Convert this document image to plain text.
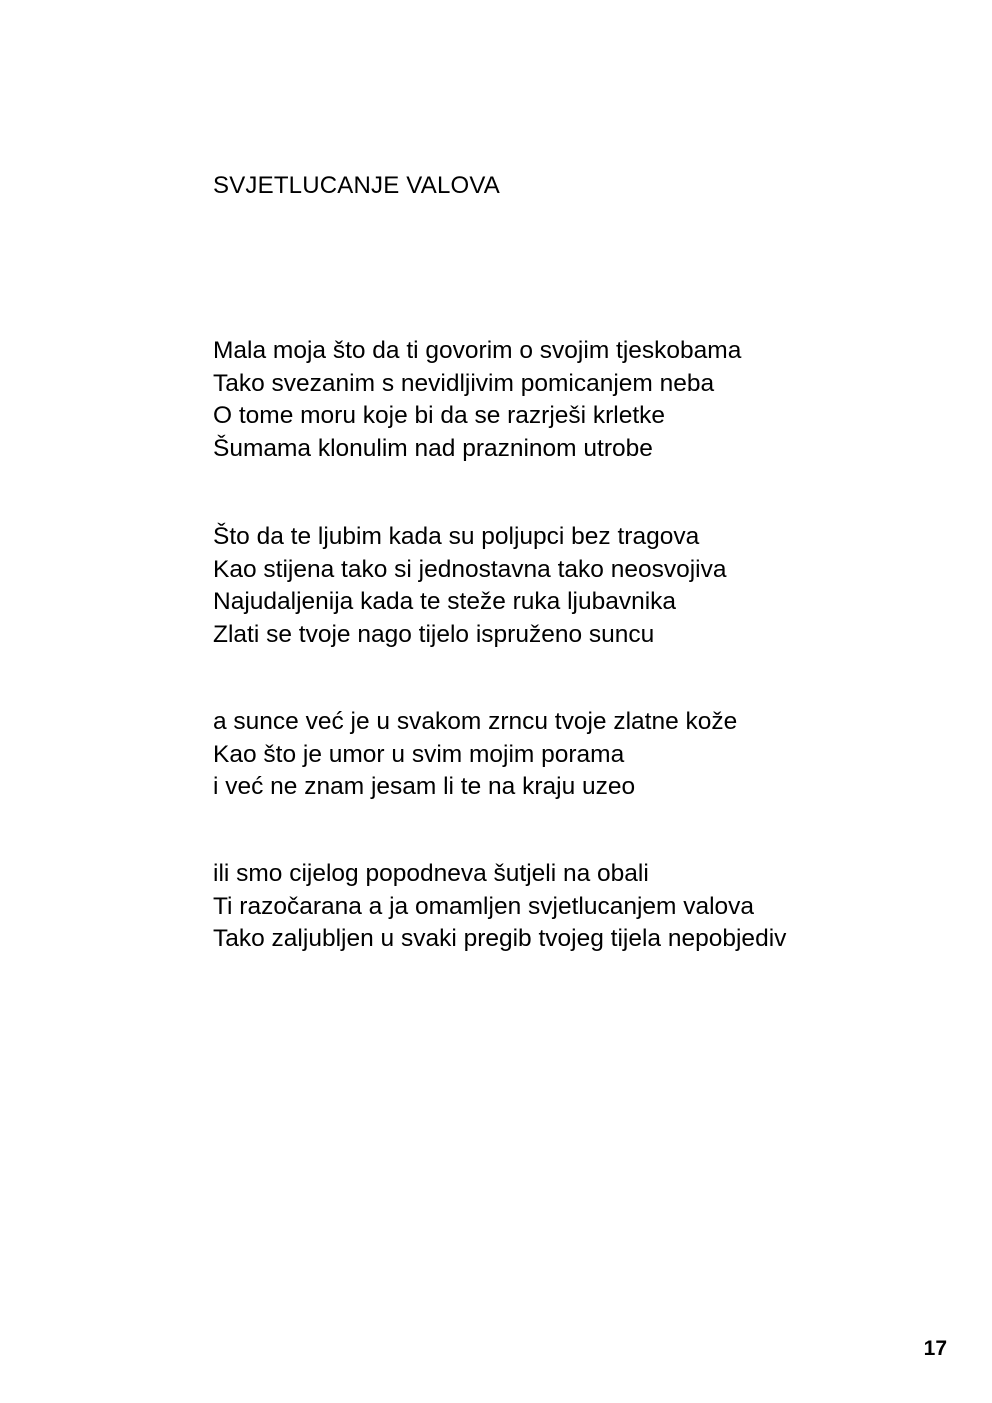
SVJETLUCANJE VALOVA
Mala moja što da ti govorim o svojim tjeskobama
Tako svezanim s nevidljivim pomicanjem neba
O tome moru koje bi da se razrješi krletke
Šumama klonulim nad prazninom utrobe
Što da te ljubim kada su poljupci bez tragova
Kao stijena tako si jednostavna tako neosvojiva
Najudaljenija kada te steže ruka ljubavnika
Zlati se tvoje nago tijelo ispruženo suncu
a sunce već je u svakom zrncu tvoje zlatne kože
Kao što je umor u svim mojim porama
i već ne znam jesam li te na kraju uzeo
ili smo cijelog popodneva šutjeli na obali
Ti razočarana a ja omamljen svjetlucanjem valova
Tako zaljubljen u svaki pregib tvojeg tijela nepobjediv
17
